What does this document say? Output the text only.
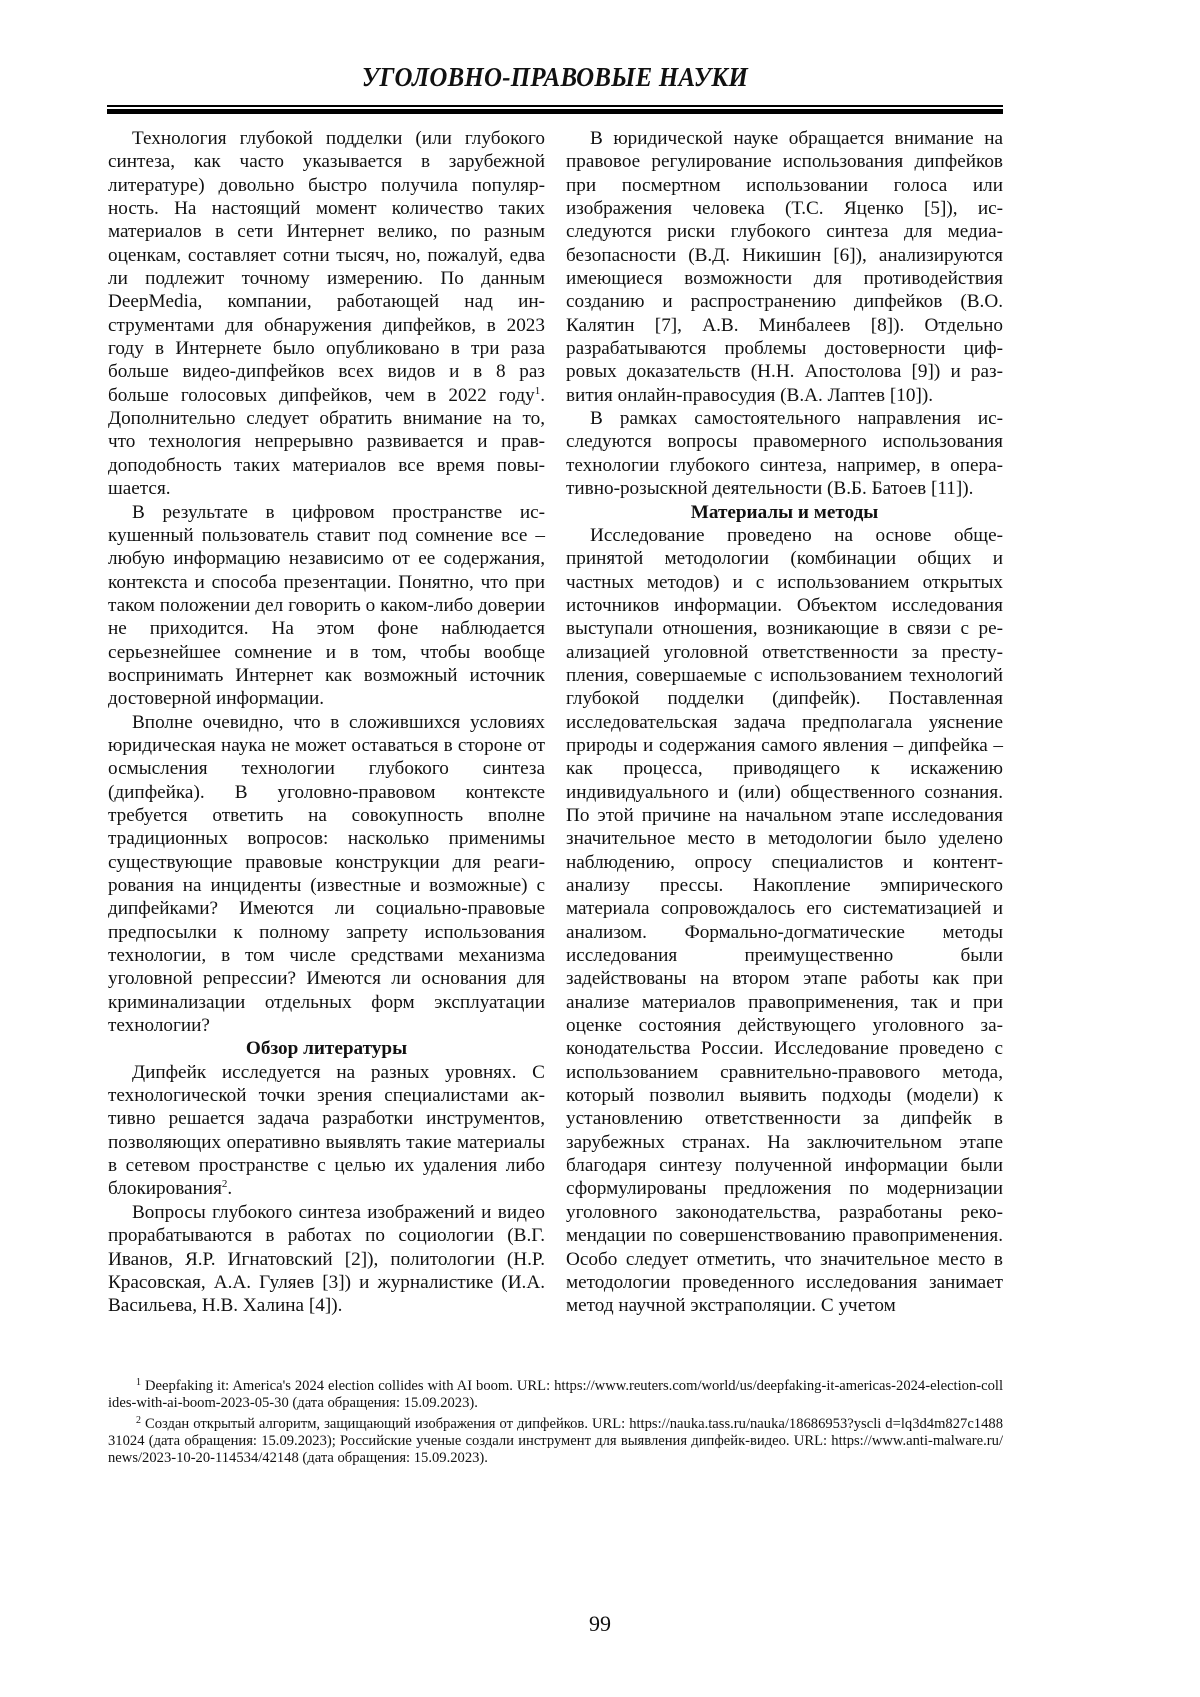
УГОЛОВНО-ПРАВОВЫЕ НАУКИ

Технология глубокой подделки (или глубокого синтеза, как часто указывается в зарубежной литературе) довольно быстро получила популярность. На настоящий момент количество таких материалов в сети Интернет велико, по разным оценкам, составляет сотни тысяч, но, пожалуй, едва ли подлежит точному измерению. По данным DeepMedia, компании, работающей над инструментами для обнаружения дипфейков, в 2023 году в Интернете было опубликовано в три раза больше видео-дипфейков всех видов и в 8 раз больше голосовых дипфейков, чем в 2022 году$^1$. Дополнительно следует обратить внимание на то, что технология непрерывно развивается и правдоподобность таких материалов все время повышается.

В результате в цифровом пространстве искушенный пользователь ставит под сомнение все – любую информацию независимо от ее содержания, контекста и способа презентации. Понятно, что при таком положении дел говорить о каком-либо доверии не приходится. На этом фоне наблюдается серьезнейшее сомнение и в том, чтобы вообще воспринимать Интернет как возможный источник достоверной информации.

Вполне очевидно, что в сложившихся условиях юридическая наука не может оставаться в стороне от осмысления технологии глубокого синтеза (дипфейка). В уголовно-правовом контексте требуется ответить на совокупность вполне традиционных вопросов: насколько применимы существующие правовые конструкции для реагирования на инциденты (известные и возможные) с дипфейками? Имеются ли социально-правовые предпосылки к полному запрету использования технологии, в том числе средствами механизма уголовной репрессии? Имеются ли основания для криминализации отдельных форм эксплуатации технологии?

Обзор литературы

Дипфейк исследуется на разных уровнях. С технологической точки зрения специалистами активно решается задача разработки инструментов, позволяющих оперативно выявлять такие материалы в сетевом пространстве с целью их удаления либо блокирования$^2$.

Вопросы глубокого синтеза изображений и видео прорабатываются в работах по социологии (В.Г. Иванов, Я.Р. Игнатовский [2]), политологии (Н.Р. Красовская, А.А. Гуляев [3]) и журналистике (И.А. Васильева, Н.В. Халина [4]).

В юридической науке обращается внимание на правовое регулирование использования дипфейков при посмертном использовании голоса или изображения человека (Т.С. Яценко [5]), исследуются риски глубокого синтеза для медиабезопасности (В.Д. Никишин [6]), анализируются имеющиеся возможности для противодействия созданию и распространению дипфейков (В.О. Калятин [7], А.В. Минбалеев [8]). Отдельно разрабатываются проблемы достоверности цифровых доказательств (Н.Н. Апостолова [9]) и развития онлайн-правосудия (В.А. Лаптев [10]).

В рамках самостоятельного направления исследуются вопросы правомерного использования технологии глубокого синтеза, например, в оперативно-розыскной деятельности (В.Б. Батоев [11]).

Материалы и методы

Исследование проведено на основе общепринятой методологии (комбинации общих и частных методов) и с использованием открытых источников информации. Объектом исследования выступали отношения, возникающие в связи с реализацией уголовной ответственности за преступления, совершаемые с использованием технологий глубокой подделки (дипфейк). Поставленная исследовательская задача предполагала уяснение природы и содержания самого явления – дипфейка – как процесса, приводящего к искажению индивидуального и (или) общественного сознания. По этой причине на начальном этапе исследования значительное место в методологии было уделено наблюдению, опросу специалистов и контент-анализу прессы. Накопление эмпирического материала сопровождалось его систематизацией и анализом. Формально-догматические методы исследования преимущественно были задействованы на втором этапе работы как при анализе материалов правоприменения, так и при оценке состояния действующего уголовного законодательства России. Исследование проведено с использованием сравнительно-правового метода, который позволил выявить подходы (модели) к установлению ответственности за дипфейк в зарубежных странах. На заключительном этапе благодаря синтезу полученной информации были сформулированы предложения по модернизации уголовного законодательства, разработаны рекомендации по совершенствованию правоприменeния. Особо следует отметить, что значительное место в методологии проведенного исследования занимает метод научной экстраполяции. С учетом

$^1$ Deepfaking it: America's 2024 election collides with AI boom. URL: https://www.reuters.com/world/us/deepfaking-it-americas-2024-election-collides-with-ai-boom-2023-05-30 (дата обращения: 15.09.2023).

$^2$ Создан открытый алгоритм, защищающий изображения от дипфейков. URL: https://nauka.tass.ru/nauka/18686953?yscli d=lq3d4m827c148831024 (дата обращения: 15.09.2023); Российские ученые создали инструмент для выявления дипфейк-видео. URL: https://www.anti-malware.ru/news/2023-10-20-114534/42148 (дата обращения: 15.09.2023).

99
